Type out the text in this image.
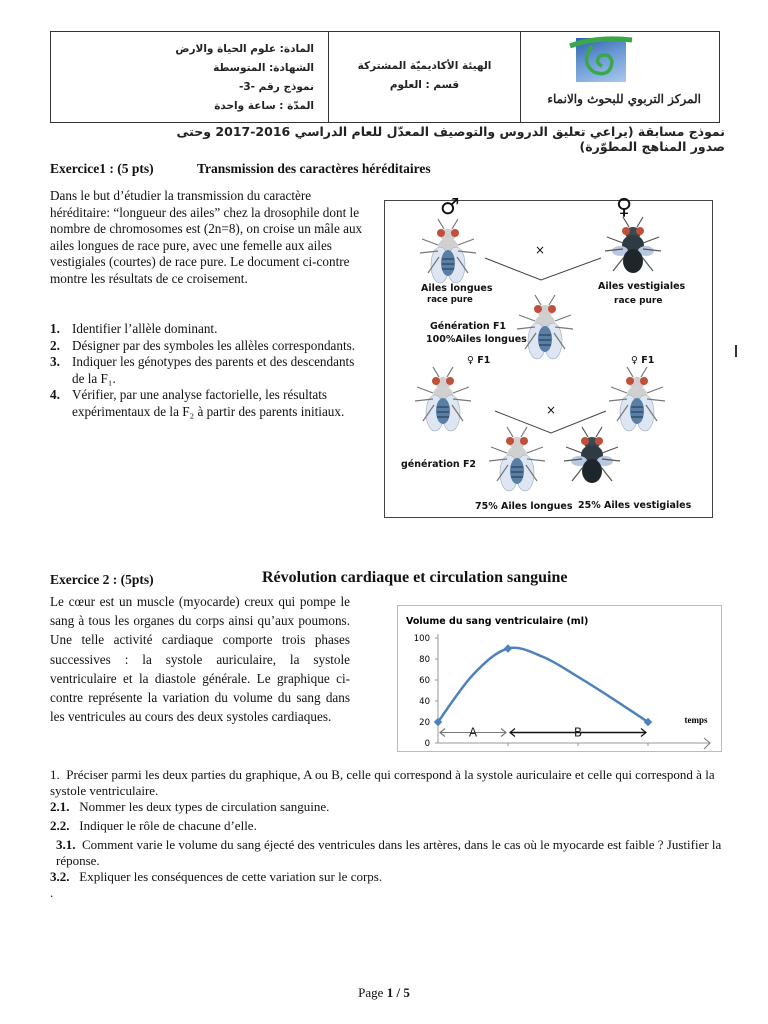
المادة: علوم الحياة والارض
الشهادة: المتوسطة
نموذج رقم -3-
المدّة : ساعة واحدة
الهيئة الأكاديميّة المشتركة
قسم : العلوم
المركز التربوي للبحوث والانماء
نموذج مسابقة (يراعي تعليق الدروس والتوصيف المعدّل للعام الدراسي 2016-2017 وحتى صدور المناهج المطوّرة)
Exercice1 : (5 pts)	Transmission des caractères héréditaires
Dans le but d’étudier la transmission du caractère héréditaire: “longueur des ailes” chez la drosophile dont le nombre de chromosomes est (2n=8), on croise un mâle aux ailes longues de race pure, avec une femelle aux ailes vestigiales (courtes) de race pure. Le document ci-contre montre les résultats de ce croisement.
1. Identifier l’allèle dominant.
2. Désigner par des symboles les allèles correspondants.
3. Indiquer les génotypes des parents et des descendants de la F₁.
4. Vérifier, par une analyse factorielle, les résultats expérimentaux de la F₂ à partir des parents initiaux.
♂	♀
×
Ailes longues
race pure
Ailes vestigiales
race pure
Génération F1
100%Ailes longues
♀ F1	♀ F1
×
génération F2
75% Ailes longues 25% Ailes vestigiales
Exercice 2 : (5pts)	Révolution cardiaque et circulation sanguine
Le cœur est un muscle (myocarde) creux qui pompe le sang à tous les organes du corps ainsi qu’aux poumons. Une telle activité cardiaque comporte trois phases successives : la systole auriculaire, la systole ventriculaire et la diastole générale. Le graphique ci-contre représente la variation du volume du sang dans les ventricules au cours des deux systoles cardiaques.
Volume du sang ventriculaire (ml)
0
20
40
60
80
100
A	B
temps
1. Préciser parmi les deux parties du graphique, A ou B, celle qui correspond à la systole auriculaire et celle qui correspond à la systole ventriculaire.
2.1. Nommer les deux types de circulation sanguine.
2.2. Indiquer le rôle de chacune d’elle.
3.1. Comment varie le volume du sang éjecté des ventricules dans les artères, dans le cas où le myocarde est faible ? Justifier la réponse.
3.2. Expliquer les conséquences de cette variation sur le corps.
.
Page 1 / 5
